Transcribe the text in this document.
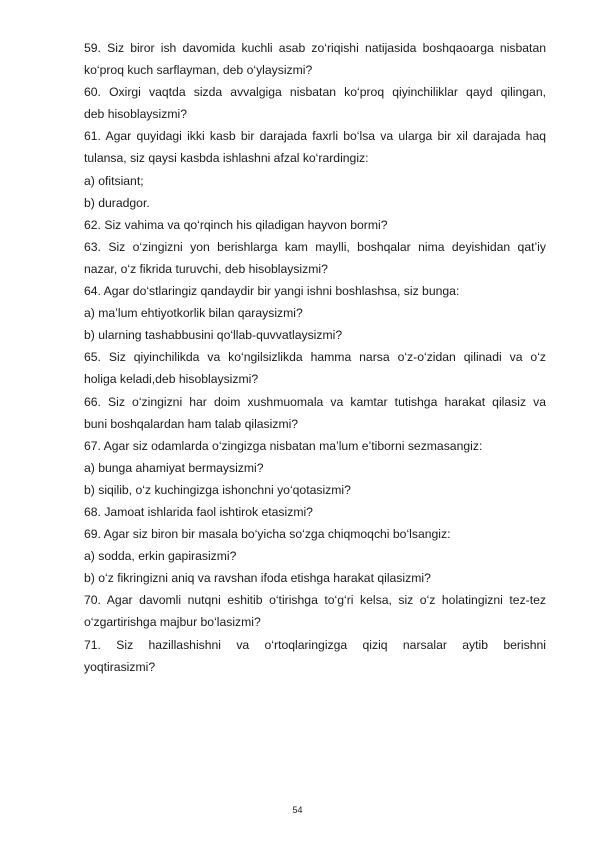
59. Siz biror ish davomida kuchli asab zo‘riqishi natijasida boshqaoarga nisbatan
ko‘proq kuch sarflayman, deb o‘ylaysizmi?
60. Oxirgi vaqtda sizda avvalgiga nisbatan ko‘proq qiyinchiliklar qayd qilingan,
deb hisoblaysizmi?
61. Agar quyidagi ikki kasb bir darajada faxrli bo‘lsa va ularga bir xil darajada haq
tulansa, siz qaysi kasbda ishlashni afzal ko‘rardingiz:
a) ofitsiant;
b) duradgor.
62. Siz vahima va qo‘rqinch his qiladigan hayvon bormi?
63. Siz o‘zingizni yon berishlarga kam maylli, boshqalar nima deyishidan qat’iy
nazar, o‘z fikrida turuvchi, deb hisoblaysizmi?
64. Agar do‘stlaringiz qandaydir bir yangi ishni boshlashsa, siz bunga:
a) ma’lum ehtiyotkorlik bilan qaraysizmi?
b) ularning tashabbusini qo‘llab-quvvatlaysizmi?
65. Siz qiyinchilikda va ko‘ngilsizlikda hamma narsa o‘z-o‘zidan qilinadi va o‘z
holiga keladi,deb hisoblaysizmi?
66. Siz o‘zingizni har doim xushmuomala va kamtar tutishga harakat qilasiz va
buni boshqalardan ham talab qilasizmi?
67. Agar siz odamlarda o‘zingizga nisbatan ma’lum e’tiborni sezmasangiz:
a) bunga ahamiyat bermaysizmi?
b) siqilib, o‘z kuchingizga ishonchni yo‘qotasizmi?
68. Jamoat ishlarida faol ishtirok etasizmi?
69. Agar siz biron bir masala bo‘yicha so‘zga chiqmoqchi bo‘lsangiz:
a) sodda, erkin gapirasizmi?
b) o‘z fikringizni aniq va ravshan ifoda etishga harakat qilasizmi?
70. Agar davomli nutqni eshitib o‘tirishga to‘g‘ri kelsa, siz o‘z holatingizni tez-tez
o‘zgartirishga majbur bo‘lasizmi?
71. Siz hazillashishni va o‘rtoqlaringizga qiziq narsalar aytib berishni
yoqtirasizmi?
54
